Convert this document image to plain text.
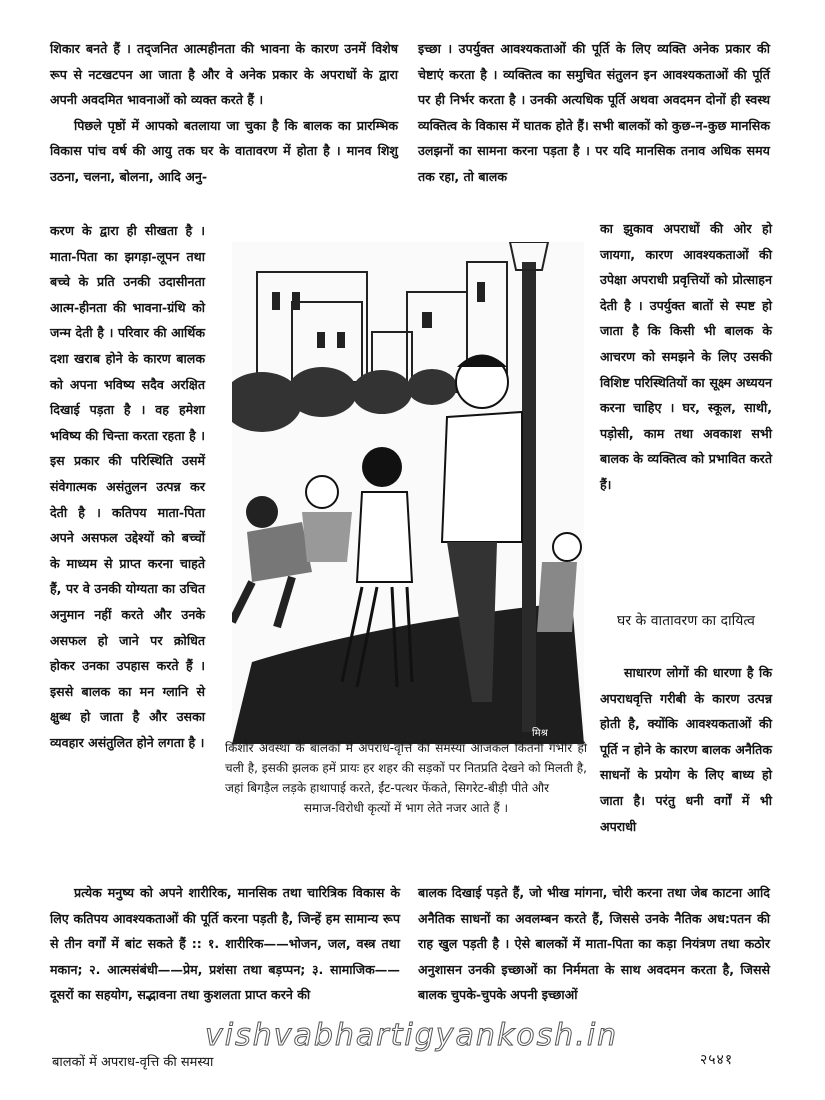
शिकार बनते हैं । तद्जनित आत्महीनता की भावना के कारण उनमें विशेष रूप से नटखटपन आ जाता है और वे अनेक प्रकार के अपराधों के द्वारा अपनी अवदमित भावनाओं को व्यक्त करते हैं ।

पिछले पृष्ठों में आपको बतलाया जा चुका है कि बालक का प्रारम्भिक विकास पांच वर्ष की आयु तक घर के वातावरण में होता है । मानव शिशु उठना, चलना, बोलना, आदि अनु-

करण के द्वारा ही सीखता है । माता-पिता का झगड़ा-लूपन तथा बच्चे के प्रति उनकी उदासीनता आत्म-हीनता की भावना-ग्रंथि को जन्म देती है । परिवार की आर्थिक दशा खराब होने के कारण बालक को अपना भविष्य सदैव अरक्षित दिखाई पड़ता है । वह हमेशा भविष्य की चिन्ता करता रहता है । इस प्रकार की परिस्थिति उसमें संवेगात्मक असंतुलन उत्पन्न कर देती है । कतिपय माता-पिता अपने असफल उद्देश्यों को बच्चों के माध्यम से प्राप्त करना चाहते हैं, पर वे उनकी योग्यता का उचित अनुमान नहीं करते और उनके असफल हो जाने पर क्रोधित होकर उनका उपहास करते हैं । इससे बालक का मन ग्लानि से क्षुब्ध हो जाता है और उसका व्यवहार असंतुलित होने लगता है ।

इच्छा । उपर्युक्त आवश्यकताओं की पूर्ति के लिए व्यक्ति अनेक प्रकार की चेष्टाएं करता है । व्यक्तित्व का समुचित संतुलन इन आवश्यकताओं की पूर्ति पर ही निर्भर करता है । उनकी अत्यधिक पूर्ति अथवा अवदमन दोनों ही स्वस्थ व्यक्तित्व के विकास में घातक होते हैं। सभी बालकों को कुछ-न-कुछ मानसिक उलझनों का सामना करना पड़ता है । पर यदि मानसिक तनाव अधिक समय तक रहा, तो बालक

का झुकाव अपराधों की ओर हो जायगा, कारण आवश्यकताओं की उपेक्षा अपराधी प्रवृत्तियों को प्रोत्साहन देती है । उपर्युक्त बातों से स्पष्ट हो जाता है कि किसी भी बालक के आचरण को समझने के लिए उसकी विशिष्ट परिस्थितियों का सूक्ष्म अध्ययन करना चाहिए । घर, स्कूल, साथी, पड़ोसी, काम तथा अवकाश सभी बालक के व्यक्तित्व को प्रभावित करते हैं।

घर के वातावरण का दायित्व

साधारण लोगों की धारणा है कि अपराधवृत्ति गरीबी के कारण उत्पन्न होती है, क्योंकि आवश्यकताओं की पूर्ति न होने के कारण बालक अनैतिक साधनों के प्रयोग के लिए बाध्य हो जाता है। परंतु धनी वर्गों में भी अपराधी

मिश्र
किशोर अवस्था के बालकों में अपराध-वृत्ति की समस्या आजकल कितनी गंभीर हो चली है, इसकी झलक हमें प्रायः हर शहर की सड़कों पर नितप्रति देखने को मिलती है, जहां बिगड़ैल लड़के हाथापाई करते, ईंट-पत्थर फेंकते, सिगरेट-बीड़ी पीते और
समाज-विरोधी कृत्यों में भाग लेते नजर आते हैं ।

प्रत्येक मनुष्य को अपने शारीरिक, मानसिक तथा चारित्रिक विकास के लिए कतिपय आवश्यकताओं की पूर्ति करना पड़ती है, जिन्हें हम सामान्य रूप से तीन वर्गों में बांट सकते हैं :: १. शारीरिक——भोजन, जल, वस्त्र तथा मकान; २. आत्मसंबंधी——प्रेम, प्रशंसा तथा बड़प्पन; ३. सामाजिक——दूसरों का सहयोग, सद्भावना तथा कुशलता प्राप्त करने की

बालक दिखाई पड़ते हैं, जो भीख मांगना, चोरी करना तथा जेब काटना आदि अनैतिक साधनों का अवलम्बन करते हैं, जिससे उनके नैतिक अध:पतन की राह खुल पड़ती है । ऐसे बालकों में माता-पिता का कड़ा नियंत्रण तथा कठोर अनुशासन उनकी इच्छाओं का निर्ममता के साथ अवदमन करता है, जिससे बालक चुपके-चुपके अपनी इच्छाओं

vishvabhartigyankosh.in
बालकों में अपराध-वृत्ति की समस्या	२५४१
